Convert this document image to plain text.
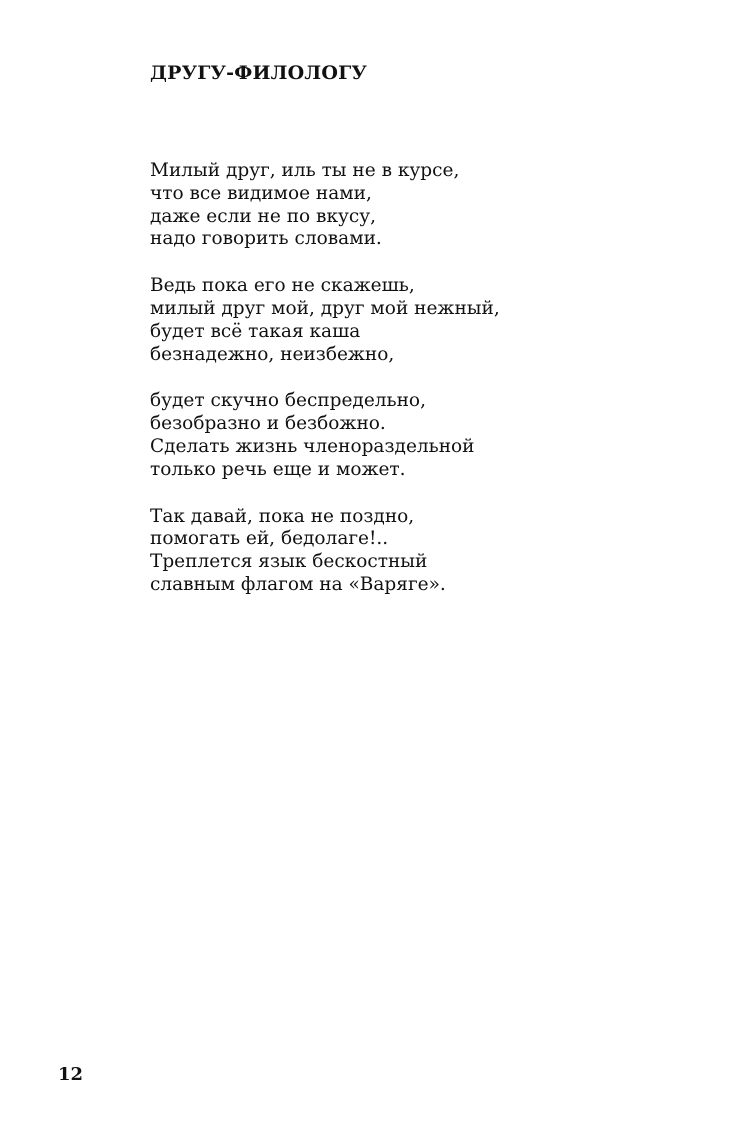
ДРУГУ-ФИЛОЛОГУ
Милый друг, иль ты не в курсе,
что все видимое нами,
даже если не по вкусу,
надо говорить словами.
Ведь пока его не скажешь,
милый друг мой, друг мой нежный,
будет всё такая каша
безнадежно, неизбежно,
будет скучно беспредельно,
безобразно и безбожно.
Сделать жизнь членораздельной
только речь еще и может.
Так давай, пока не поздно,
помогать ей, бедолаге!..
Треплется язык бескостный
славным флагом на «Варяге».

12
